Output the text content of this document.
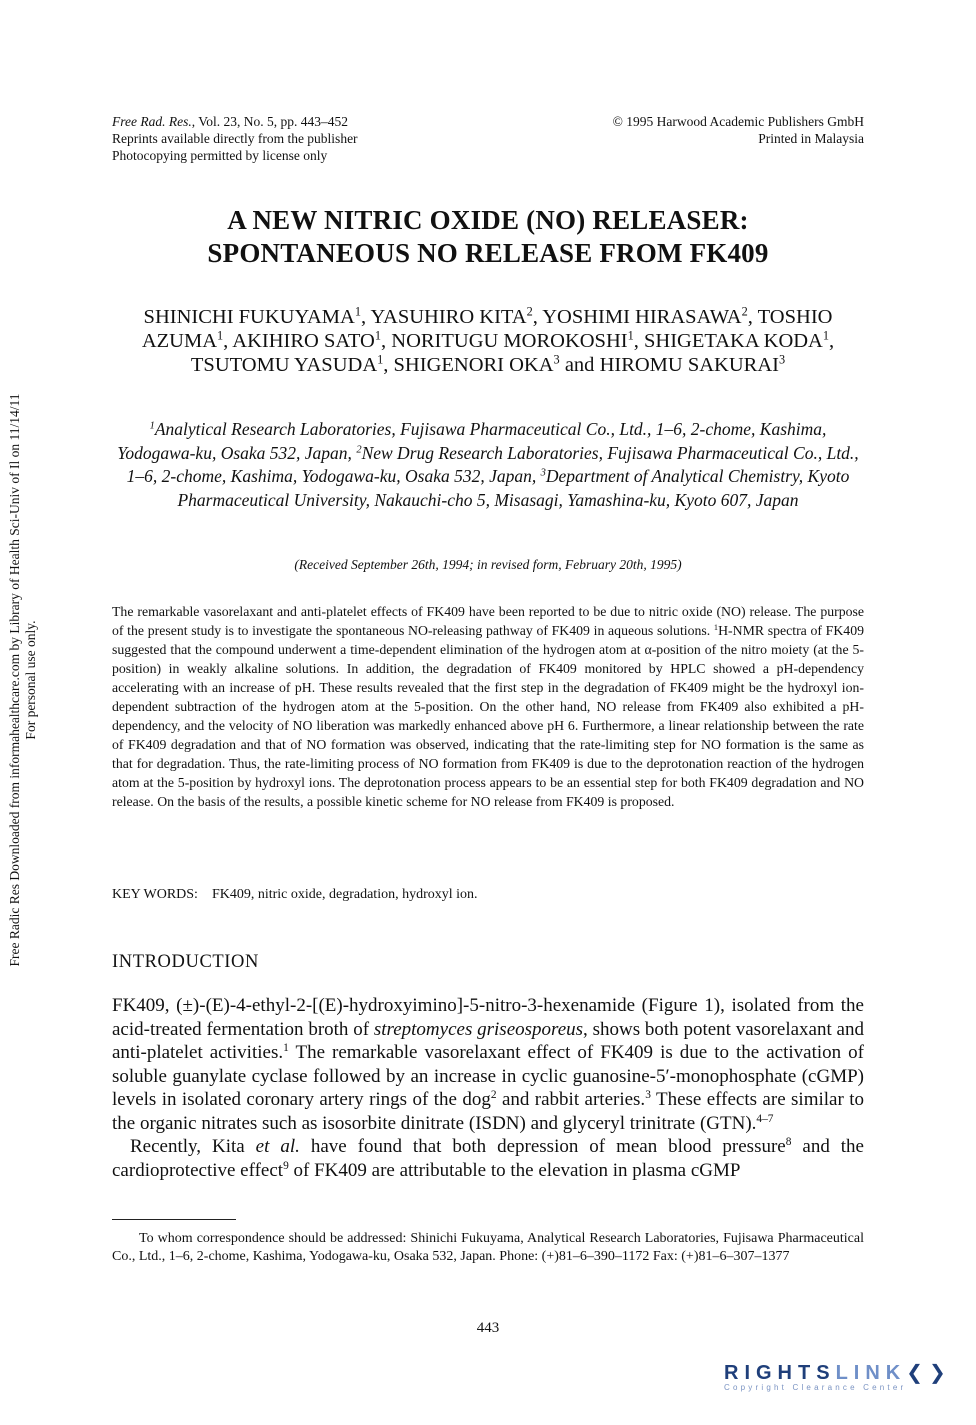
Free Radic Res Downloaded from informahealthcare.com by Library of Health Sci-Univ of Il on 11/14/11 For personal use only.
Free Rad. Res., Vol. 23, No. 5, pp. 443–452
Reprints available directly from the publisher
Photocopying permitted by license only
© 1995 Harwood Academic Publishers GmbH
Printed in Malaysia
A NEW NITRIC OXIDE (NO) RELEASER:
SPONTANEOUS NO RELEASE FROM FK409
SHINICHI FUKUYAMA$^1$, YASUHIRO KITA$^2$, YOSHIMI HIRASAWA$^2$, TOSHIO AZUMA$^1$, AKIHIRO SATO$^1$, NORITUGU MOROKOSHI$^1$, SHIGETAKA KODA$^1$, TSUTOMU YASUDA$^1$, SHIGENORI OKA$^3$ and HIROMU SAKURAI$^3$
$^1$Analytical Research Laboratories, Fujisawa Pharmaceutical Co., Ltd., 1–6, 2-chome, Kashima, Yodogawa-ku, Osaka 532, Japan, $^2$New Drug Research Laboratories, Fujisawa Pharmaceutical Co., Ltd., 1–6, 2-chome, Kashima, Yodogawa-ku, Osaka 532, Japan, $^3$Department of Analytical Chemistry, Kyoto Pharmaceutical University, Nakauchi-cho 5, Misasagi, Yamashina-ku, Kyoto 607, Japan
(Received September 26th, 1994; in revised form, February 20th, 1995)
The remarkable vasorelaxant and anti-platelet effects of FK409 have been reported to be due to nitric oxide (NO) release. The purpose of the present study is to investigate the spontaneous NO-releasing pathway of FK409 in aqueous solutions. $^1$H-NMR spectra of FK409 suggested that the compound underwent a time-dependent elimination of the hydrogen atom at α-position of the nitro moiety (at the 5-position) in weakly alkaline solutions. In addition, the degradation of FK409 monitored by HPLC showed a pH-dependency accelerating with an increase of pH. These results revealed that the first step in the degradation of FK409 might be the hydroxyl ion-dependent subtraction of the hydrogen atom at the 5-position. On the other hand, NO release from FK409 also exhibited a pH-dependency, and the velocity of NO liberation was markedly enhanced above pH 6. Furthermore, a linear relationship between the rate of FK409 degradation and that of NO formation was observed, indicating that the rate-limiting step for NO formation is the same as that for degradation. Thus, the rate-limiting process of NO formation from FK409 is due to the deprotonation reaction of the hydrogen atom at the 5-position by hydroxyl ions. The deprotonation process appears to be an essential step for both FK409 degradation and NO release. On the basis of the results, a possible kinetic scheme for NO release from FK409 is proposed.
KEY WORDS: FK409, nitric oxide, degradation, hydroxyl ion.
INTRODUCTION

FK409, (±)-(E)-4-ethyl-2-[(E)-hydroxyimino]-5-nitro-3-hexenamide (Figure 1), isolated from the acid-treated fermentation broth of streptomyces griseosporeus, shows both potent vasorelaxant and anti-platelet activities.$^1$ The remarkable vasorelaxant effect of FK409 is due to the activation of soluble guanylate cyclase followed by an increase in cyclic guanosine-5′-monophosphate (cGMP) levels in isolated coronary artery rings of the dog$^2$ and rabbit arteries.$^3$ These effects are similar to the organic nitrates such as isosorbite dinitrate (ISDN) and glyceryl trinitrate (GTN).$^{4-7}$

Recently, Kita et al. have found that both depression of mean blood pressure$^8$ and the cardioprotective effect$^9$ of FK409 are attributable to the elevation in plasma cGMP

To whom correspondence should be addressed: Shinichi Fukuyama, Analytical Research Laboratories, Fujisawa Pharmaceutical Co., Ltd., 1–6, 2-chome, Kashima, Yodogawa-ku, Osaka 532, Japan. Phone: (+)81–6–390–1172 Fax: (+)81–6–307–1377
443
RIGHTSLINK❮❯
Copyright Clearance Center
